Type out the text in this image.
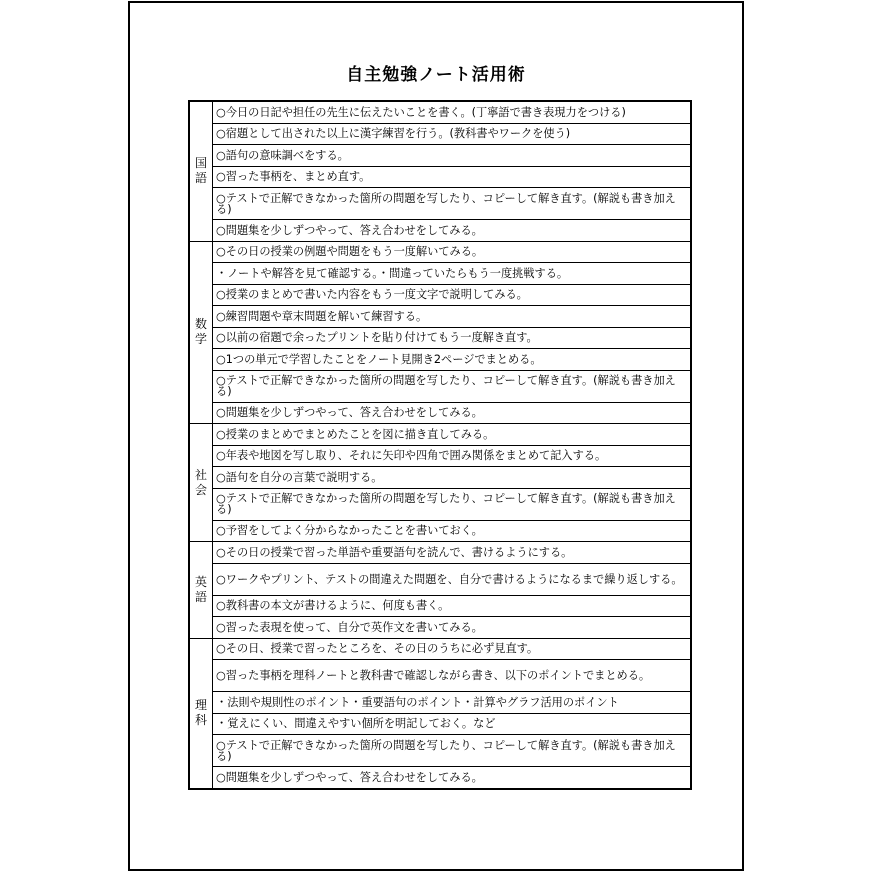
自主勉強ノート活用術
国
語	○今日の日記や担任の先生に伝えたいことを書く。(丁寧語で書き表現力をつける)
	○宿題として出された以上に漢字練習を行う。(教科書やワークを使う)
	○語句の意味調べをする。
	○習った事柄を、まとめ直す。
	○テストで正解できなかった箇所の問題を写したり、コピーして解き直す。(解説も書き加える)
	○問題集を少しずつやって、答え合わせをしてみる。

数
学	○その日の授業の例題や問題をもう一度解いてみる。
	・ノートや解答を見て確認する。・間違っていたらもう一度挑戦する。
	○授業のまとめで書いた内容をもう一度文字で説明してみる。
	○練習問題や章末問題を解いて練習する。
	○以前の宿題で余ったプリントを貼り付けてもう一度解き直す。
	○1つの単元で学習したことをノート見開き2ページでまとめる。
	○テストで正解できなかった箇所の問題を写したり、コピーして解き直す。(解説も書き加える)
	○問題集を少しずつやって、答え合わせをしてみる。

社
会	○授業のまとめでまとめたことを図に描き直してみる。
	○年表や地図を写し取り、それに矢印や四角で囲み関係をまとめて記入する。
	○語句を自分の言葉で説明する。
	○テストで正解できなかった箇所の問題を写したり、コピーして解き直す。(解説も書き加える)
	○予習をしてよく分からなかったことを書いておく。

英
語	○その日の授業で習った単語や重要語句を読んで、書けるようにする。
	○ワークやプリント、テストの間違えた問題を、自分で書けるようになるまで繰り返しする。
	○教科書の本文が書けるように、何度も書く。
	○習った表現を使って、自分で英作文を書いてみる。

理
科	○その日、授業で習ったところを、その日のうちに必ず見直す。
	○習った事柄を理科ノートと教科書で確認しながら書き、以下のポイントでまとめる。
	・法則や規則性のポイント・重要語句のポイント・計算やグラフ活用のポイント
	・覚えにくい、間違えやすい個所を明記しておく。など
	○テストで正解できなかった箇所の問題を写したり、コピーして解き直す。(解説も書き加える)
	○問題集を少しずつやって、答え合わせをしてみる。
